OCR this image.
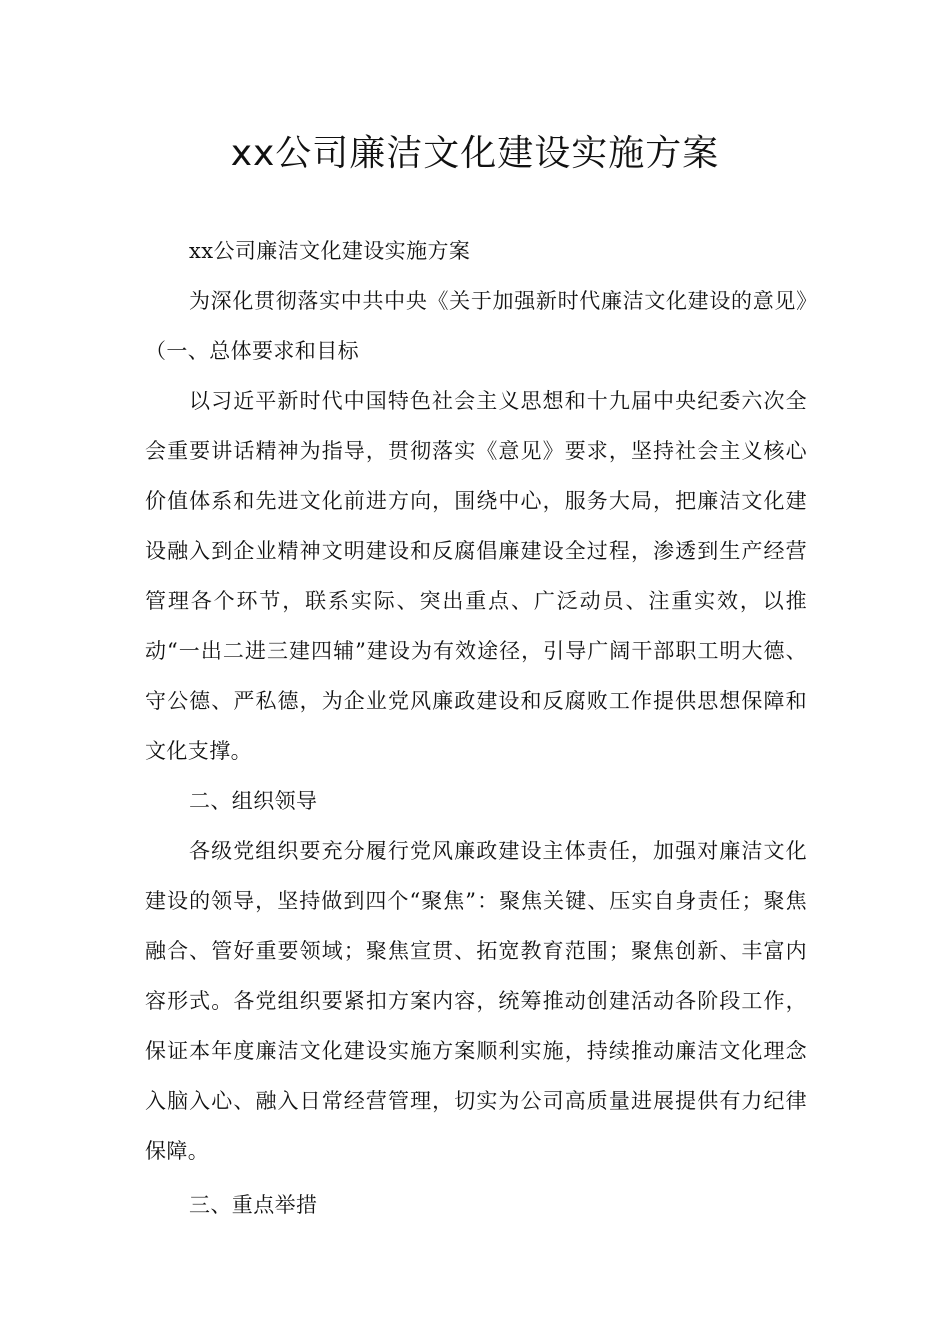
xx公司廉洁文化建设实施方案

xx公司廉洁文化建设实施方案

为深化贯彻落实中共中央《关于加强新时代廉洁文化建设的意见》（一、总体要求和目标

以习近平新时代中国特色社会主义思想和十九届中央纪委六次全会重要讲话精神为指导，贯彻落实《意见》要求，坚持社会主义核心价值体系和先进文化前进方向，围绕中心，服务大局，把廉洁文化建设融入到企业精神文明建设和反腐倡廉建设全过程，渗透到生产经营管理各个环节，联系实际、突出重点、广泛动员、注重实效，以推动“一出二进三建四辅”建设为有效途径，引导广阔干部职工明大德、守公德、严私德，为企业党风廉政建设和反腐败工作提供思想保障和文化支撑。

二、组织领导

各级党组织要充分履行党风廉政建设主体责任，加强对廉洁文化建设的领导，坚持做到四个“聚焦”：聚焦关键、压实自身责任；聚焦融合、管好重要领域；聚焦宣贯、拓宽教育范围；聚焦创新、丰富内容形式。各党组织要紧扣方案内容，统筹推动创建活动各阶段工作，保证本年度廉洁文化建设实施方案顺利实施，持续推动廉洁文化理念入脑入心、融入日常经营管理，切实为公司高质量进展提供有力纪律保障。

三、重点举措
